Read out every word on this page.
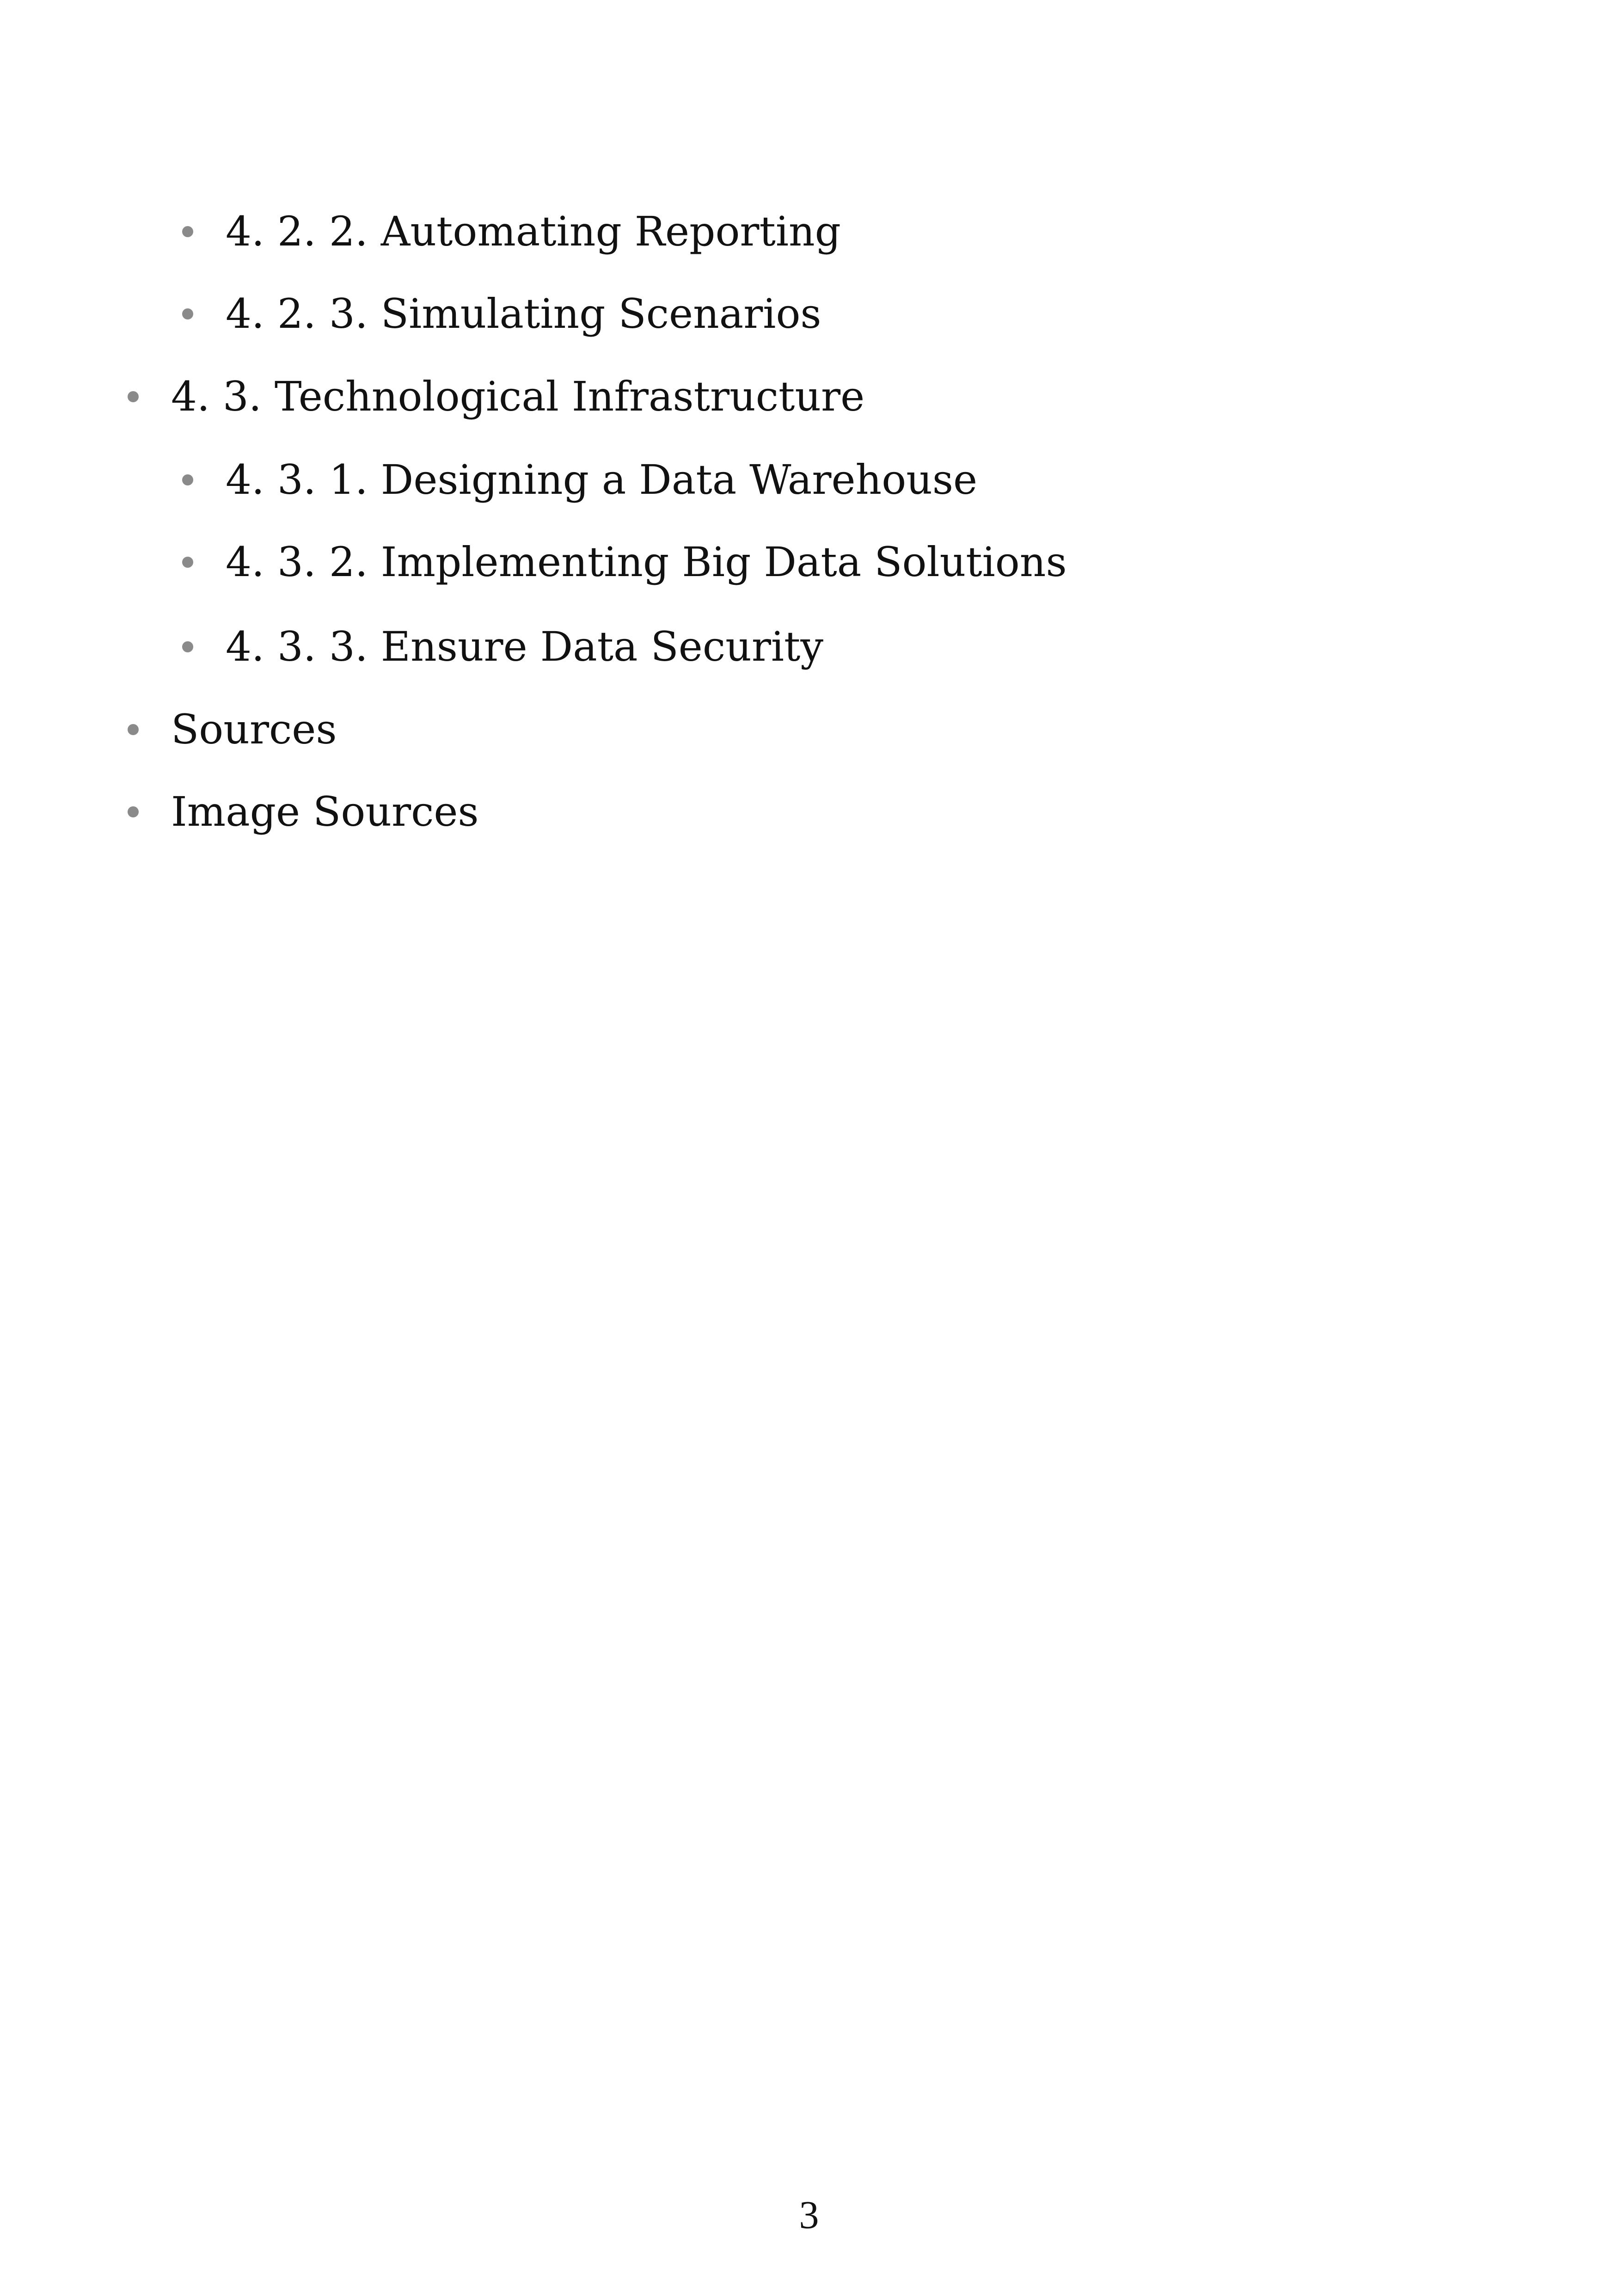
4. 2. 2. Automating Reporting
4. 2. 3. Simulating Scenarios
4. 3. Technological Infrastructure
4. 3. 1. Designing a Data Warehouse
4. 3. 2. Implementing Big Data Solutions
4. 3. 3. Ensure Data Security
Sources
Image Sources
3
